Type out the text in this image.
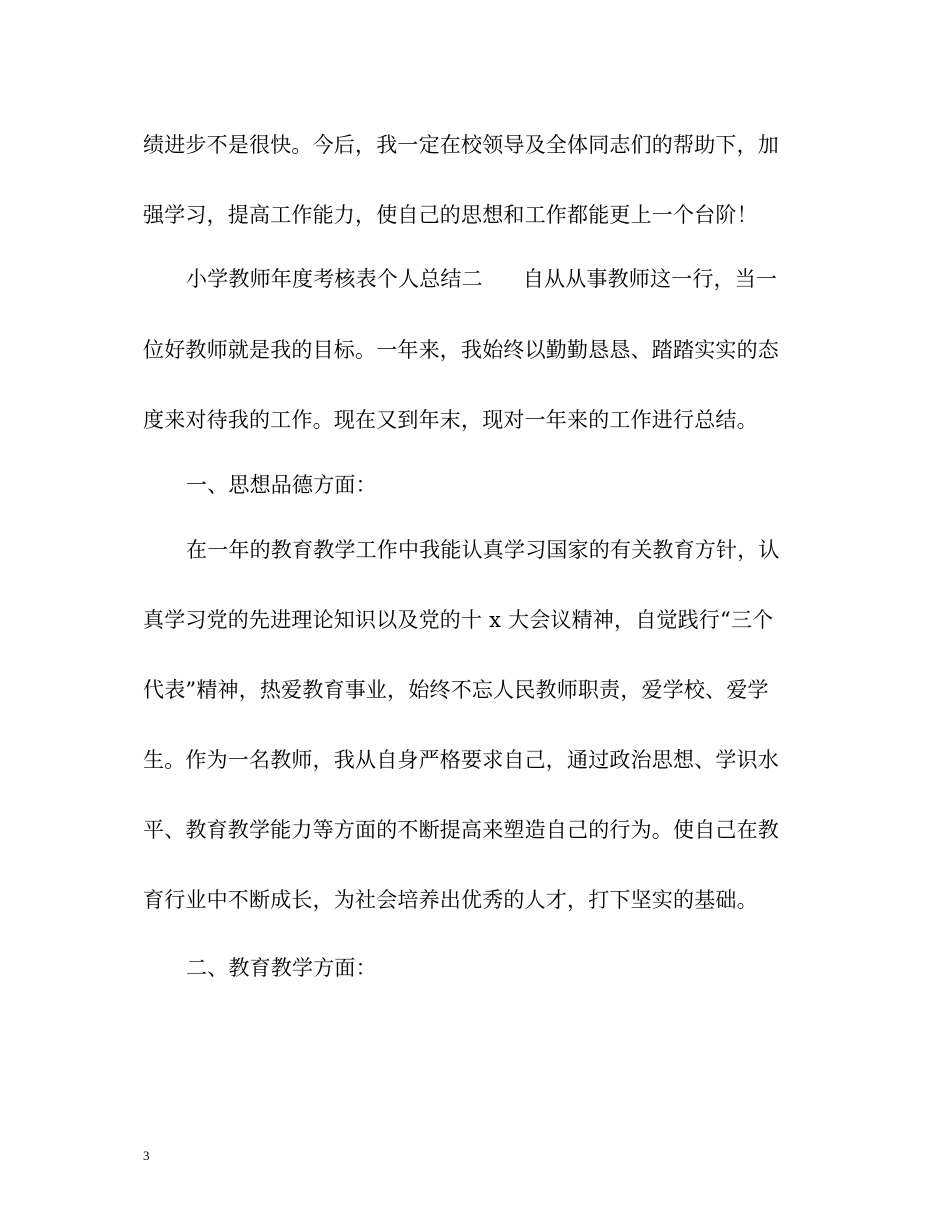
绩进步不是很快。今后，我一定在校领导及全体同志们的帮助下，加
强学习，提高工作能力，使自己的思想和工作都能更上一个台阶！
小学教师年度考核表个人总结二 自从从事教师这一行，当一
位好教师就是我的目标。一年来，我始终以勤勤恳恳、踏踏实实的态
度来对待我的工作。现在又到年末，现对一年来的工作进行总结。
一、思想品德方面：
在一年的教育教学工作中我能认真学习国家的有关教育方针，认
真学习党的先进理论知识以及党的十 x 大会议精神，自觉践行“三个
代表”精神，热爱教育事业，始终不忘人民教师职责，爱学校、爱学
生。作为一名教师，我从自身严格要求自己，通过政治思想、学识水
平、教育教学能力等方面的不断提高来塑造自己的行为。使自己在教
育行业中不断成长，为社会培养出优秀的人才，打下坚实的基础。
二、教育教学方面：
3
